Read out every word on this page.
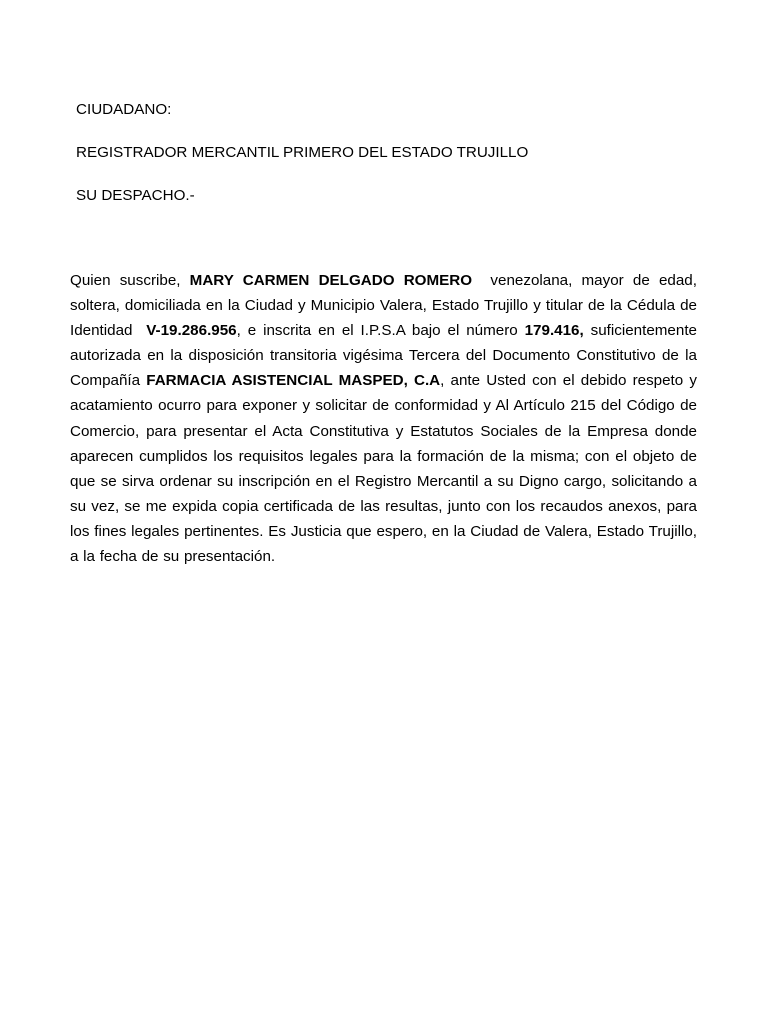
CIUDADANO:

REGISTRADOR MERCANTIL PRIMERO DEL ESTADO TRUJILLO

SU DESPACHO.-

Quien suscribe, MARY CARMEN DELGADO ROMERO  venezolana, mayor de edad, soltera, domiciliada en la Ciudad y Municipio Valera, Estado Trujillo y titular de la Cédula de Identidad  V-19.286.956, e inscrita en el I.P.S.A bajo el número 179.416, suficientemente autorizada en la disposición transitoria vigésima Tercera del Documento Constitutivo de la Compañía FARMACIA ASISTENCIAL MASPED, C.A, ante Usted con el debido respeto y acatamiento ocurro para exponer y solicitar de conformidad y Al Artículo 215 del Código de Comercio, para presentar el Acta Constitutiva y Estatutos Sociales de la Empresa donde aparecen cumplidos los requisitos legales para la formación de la misma; con el objeto de que se sirva ordenar su inscripción en el Registro Mercantil a su Digno cargo, solicitando a su vez, se me expida copia certificada de las resultas, junto con los recaudos anexos, para los fines legales pertinentes. Es Justicia que espero, en la Ciudad de Valera, Estado Trujillo, a la fecha de su presentación.
